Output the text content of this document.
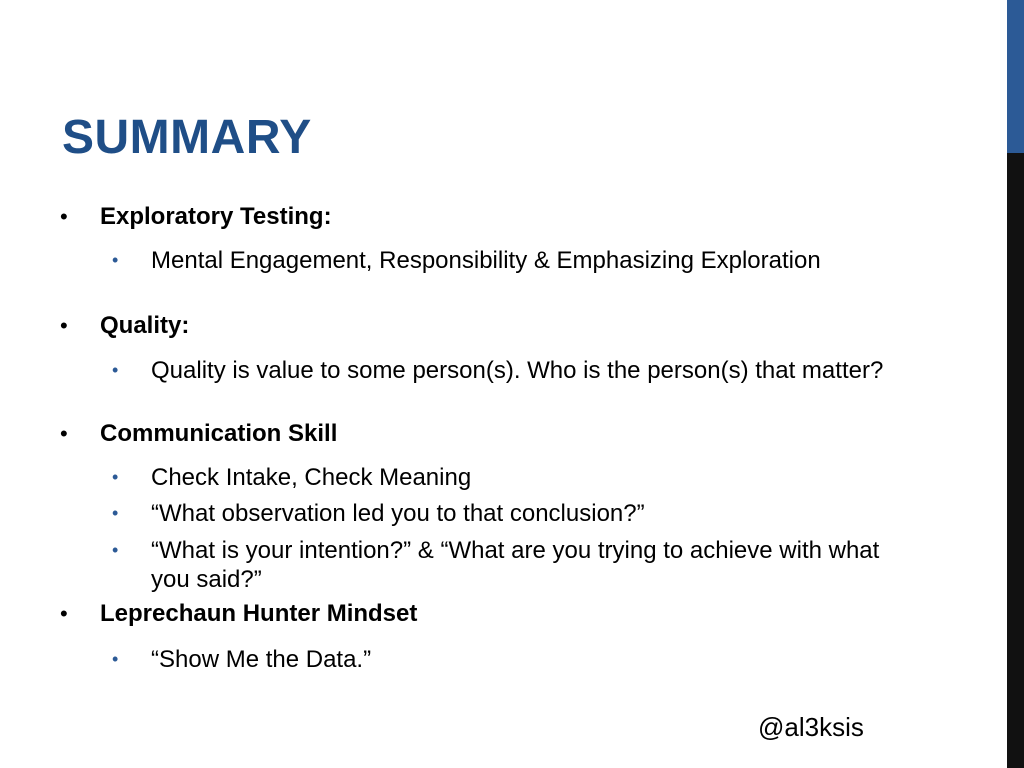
SUMMARY
• Exploratory Testing:
• Mental Engagement, Responsibility & Emphasizing Exploration
• Quality:
• Quality is value to some person(s). Who is the person(s) that matter?
• Communication Skill
• Check Intake, Check Meaning
• “What observation led you to that conclusion?”
• “What is your intention?” & “What are you trying to achieve with what you said?”
• Leprechaun Hunter Mindset
• “Show Me the Data.”
@al3ksis
